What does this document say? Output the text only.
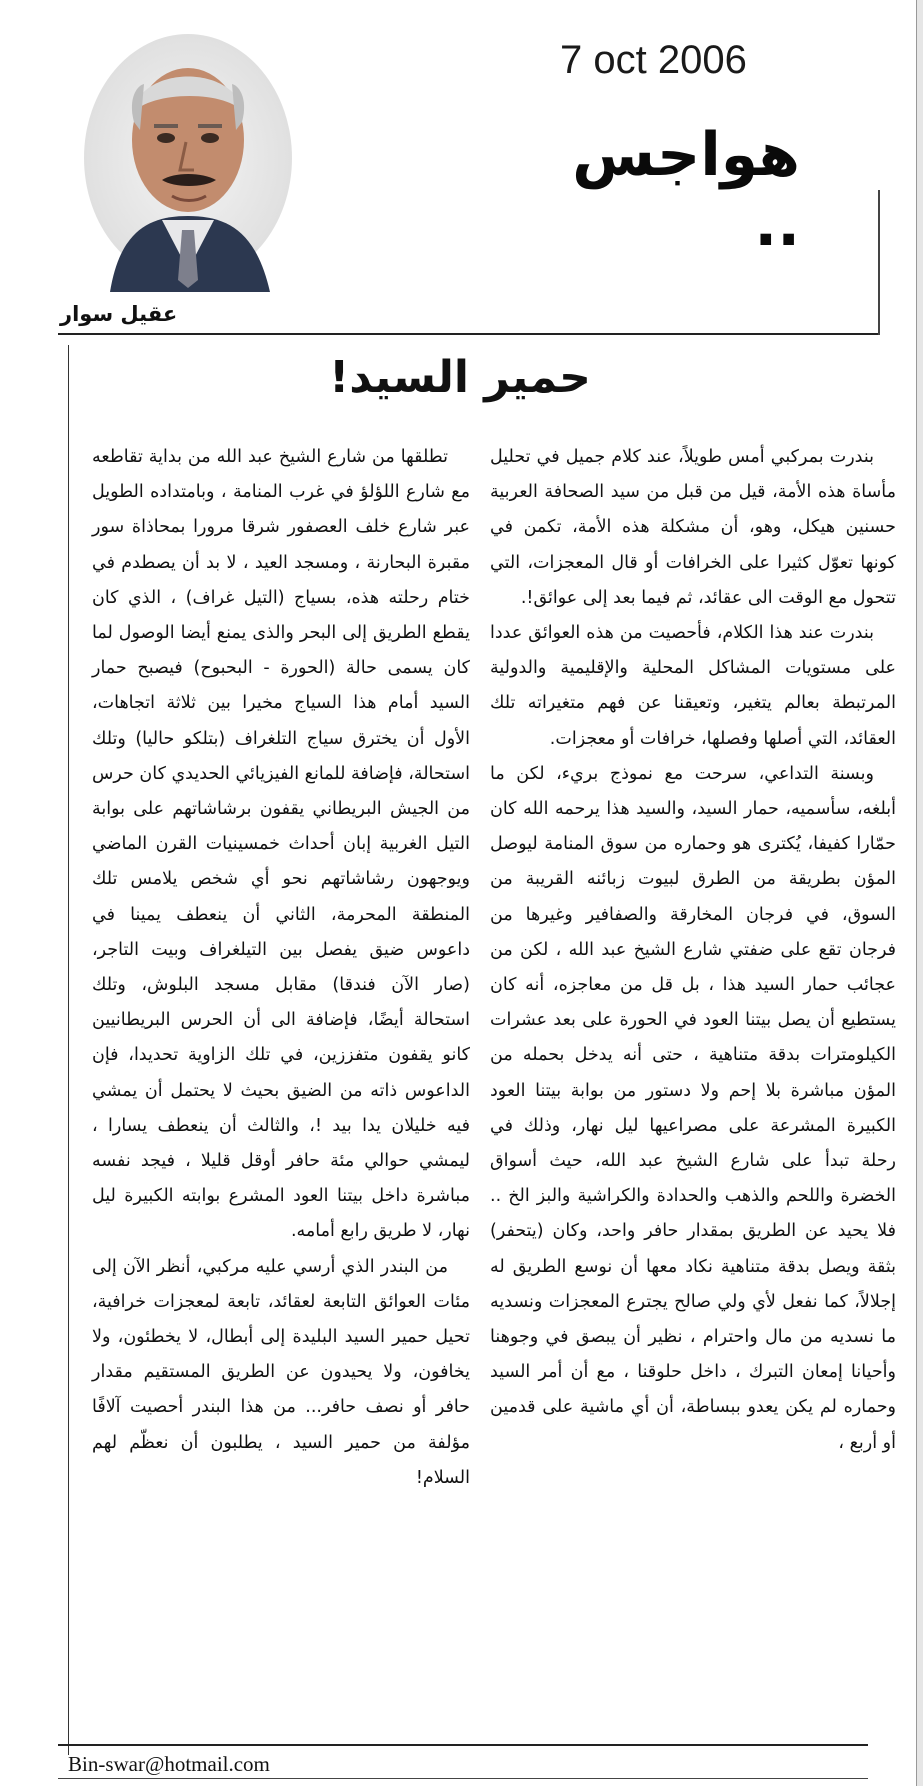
7 oct 2006
هواجس ..
عقيل سوار
حمير السيد!

بندرت بمركبي أمس طويلاً، عند كلام جميل في تحليل مأساة هذه الأمة، قيل من قبل من سيد الصحافة العربية حسنين هيكل، وهو، أن مشكلة هذه الأمة، تكمن في كونها تعوّل كثيرا على الخرافات أو قال المعجزات، التي تتحول مع الوقت الى عقائد، ثم فيما بعد إلى عوائق!.

بندرت عند هذا الكلام، فأحصيت من هذه العوائق عددا على مستويات المشاكل المحلية والإقليمية والدولية المرتبطة بعالم يتغير، وتعيقنا عن فهم متغيراته تلك العقائد، التي أصلها وفصلها، خرافات أو معجزات.

وبسنة التداعي، سرحت مع نموذج بريء، لكن ما أبلغه، سأسميه، حمار السيد، والسيد هذا يرحمه الله كان حمّارا كفيفا، يُكترى هو وحماره من سوق المنامة ليوصل المؤن بطريقة من الطرق لبيوت زبائنه القريبة من السوق، في فرجان المخارقة والصفافير وغيرها من فرجان تقع على ضفتي شارع الشيخ عبد الله ، لكن من عجائب حمار السيد هذا ، بل قل من معاجزه، أنه كان يستطيع أن يصل بيتنا العود في الحورة على بعد عشرات الكيلومترات بدقة متناهية ، حتى أنه يدخل بحمله من المؤن مباشرة بلا إحم ولا دستور من بوابة بيتنا العود الكبيرة المشرعة على مصراعيها ليل نهار، وذلك في رحلة تبدأ على شارع الشيخ عبد الله، حيث أسواق الخضرة واللحم والذهب والحدادة والكراشية والبز الخ .. فلا يحيد عن الطريق بمقدار حافر واحد، وكان (يتحفر) بثقة ويصل بدقة متناهية نكاد معها أن نوسع الطريق له إجلالاً، كما نفعل لأي ولي صالح يجترع المعجزات ونسديه ما نسديه من مال واحترام ، نظير أن يبصق في وجوهنا وأحيانا إمعان التبرك ، داخل حلوقنا ، مع أن أمر السيد وحماره لم يكن يعدو ببساطة، أن أي ماشية على قدمين أو أربع ،

تطلقها من شارع الشيخ عبد الله من بداية تقاطعه مع شارع اللؤلؤ في غرب المنامة ، وبامتداده الطويل عبر شارع خلف العصفور شرقا مرورا بمحاذاة سور مقبرة البحارنة ، ومسجد العيد ، لا بد أن يصطدم في ختام رحلته هذه، بسياج (التيل غراف) ، الذي كان يقطع الطريق إلى البحر والذى يمنع أيضا الوصول لما كان يسمى حالة (الحورة - البحبوح) فيصبح حمار السيد أمام هذا السياج مخيرا بين ثلاثة اتجاهات، الأول أن يخترق سياج التلغراف (بتلكو حاليا) وتلك استحالة، فإضافة للمانع الفيزيائي الحديدي كان حرس من الجيش البريطاني يقفون برشاشاتهم على بوابة التيل الغربية إبان أحداث خمسينيات القرن الماضي ويوجهون رشاشاتهم نحو أي شخص يلامس تلك المنطقة المحرمة، الثاني أن ينعطف يمينا في داعوس ضيق يفصل بين التيلغراف وبيت التاجر، (صار الآن فندقا) مقابل مسجد البلوش، وتلك استحالة أيضًا، فإضافة الى أن الحرس البريطانيين كانو يقفون متفززين، في تلك الزاوية تحديدا، فإن الداعوس ذاته من الضيق بحيث لا يحتمل أن يمشي فيه خليلان يدا بيد !، والثالث أن ينعطف يسارا ، ليمشي حوالي مئة حافر أوقل قليلا ، فيجد نفسه مباشرة داخل بيتنا العود المشرع بوابته الكبيرة ليل نهار، لا طريق رابع أمامه.

من البندر الذي أرسي عليه مركبي، أنظر الآن إلى مئات العوائق التابعة لعقائد، تابعة لمعجزات خرافية، تحيل حمير السيد البليدة إلى أبطال، لا يخطئون، ولا يخافون، ولا يحيدون عن الطريق المستقيم مقدار حافر أو نصف حافر... من هذا البندر أحصيت آلافًا مؤلفة من حمير السيد ، يطلبون أن نعظّم لهم السلام!

Bin-swar@hotmail.com
